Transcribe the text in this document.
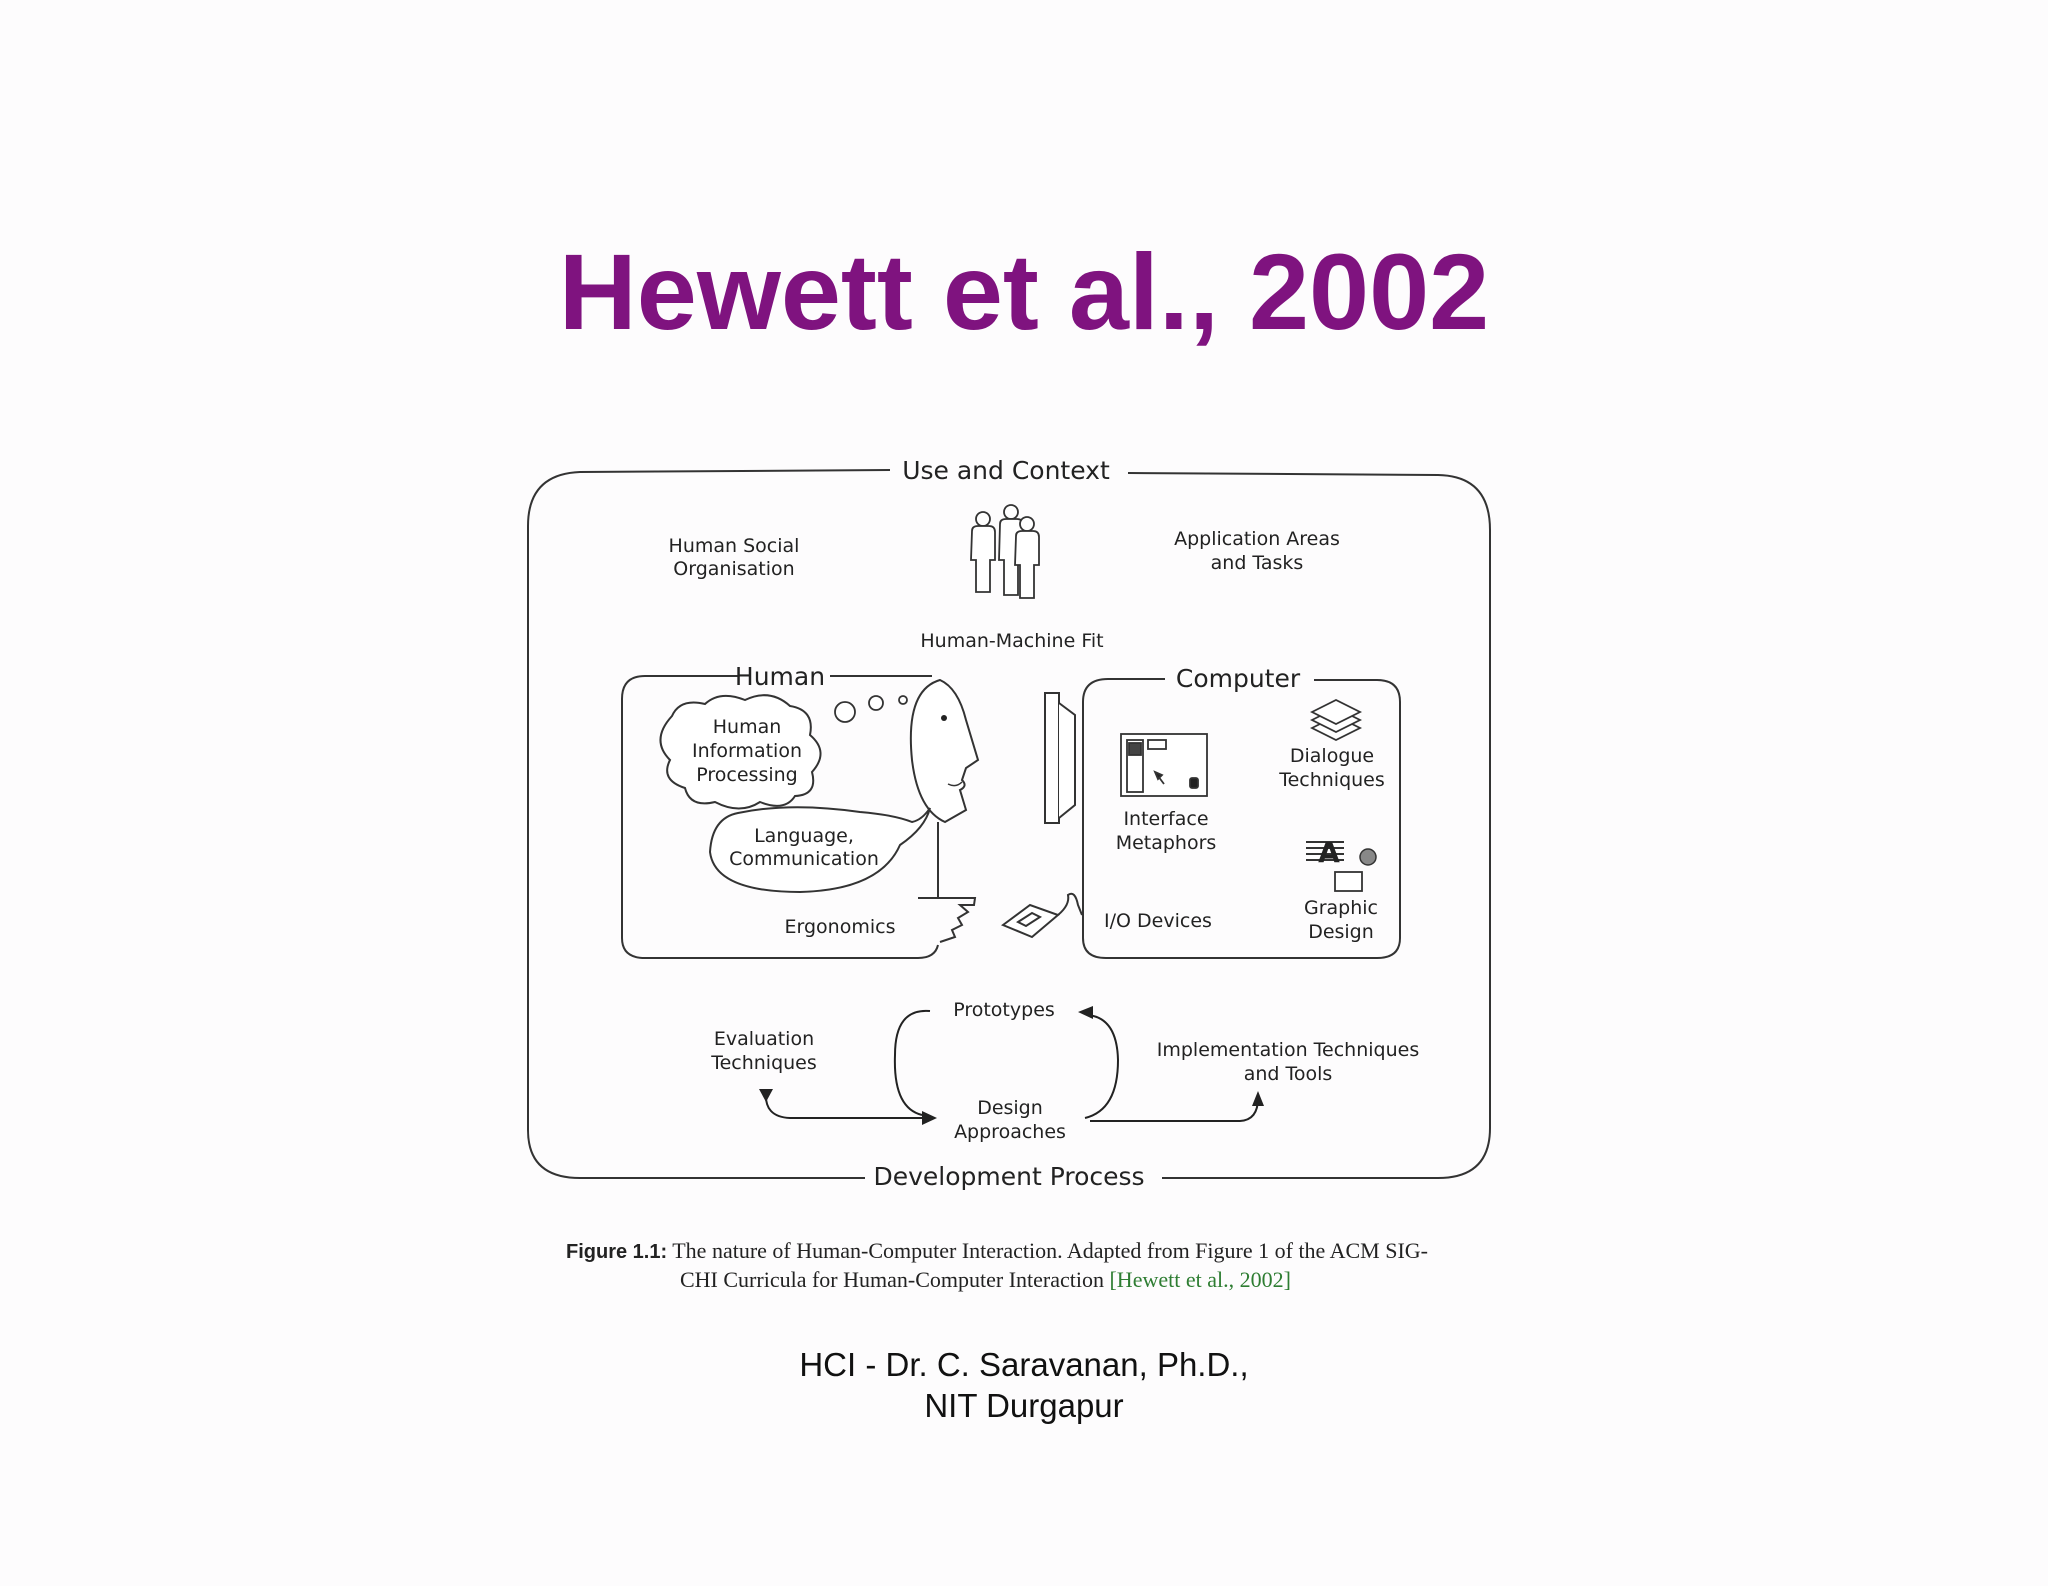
Hewett et al., 2002
Use and Context
Development Process
Human Social
Organisation
Application Areas
and Tasks
Human-Machine Fit
Human
Human
Information
Processing
Language,
Communication
Ergonomics
Computer
Dialogue
Techniques
Interface
Metaphors	A
Graphic
Design
I/O Devices
Prototypes
Evaluation
Techniques
Design
Approaches
Implementation Techniques
and Tools
Figure 1.1: The nature of Human-Computer Interaction. Adapted from Figure 1 of the ACM SIG-
CHI Curricula for Human-Computer Interaction [Hewett et al., 2002]
HCI - Dr. C. Saravanan, Ph.D.,
NIT Durgapur
